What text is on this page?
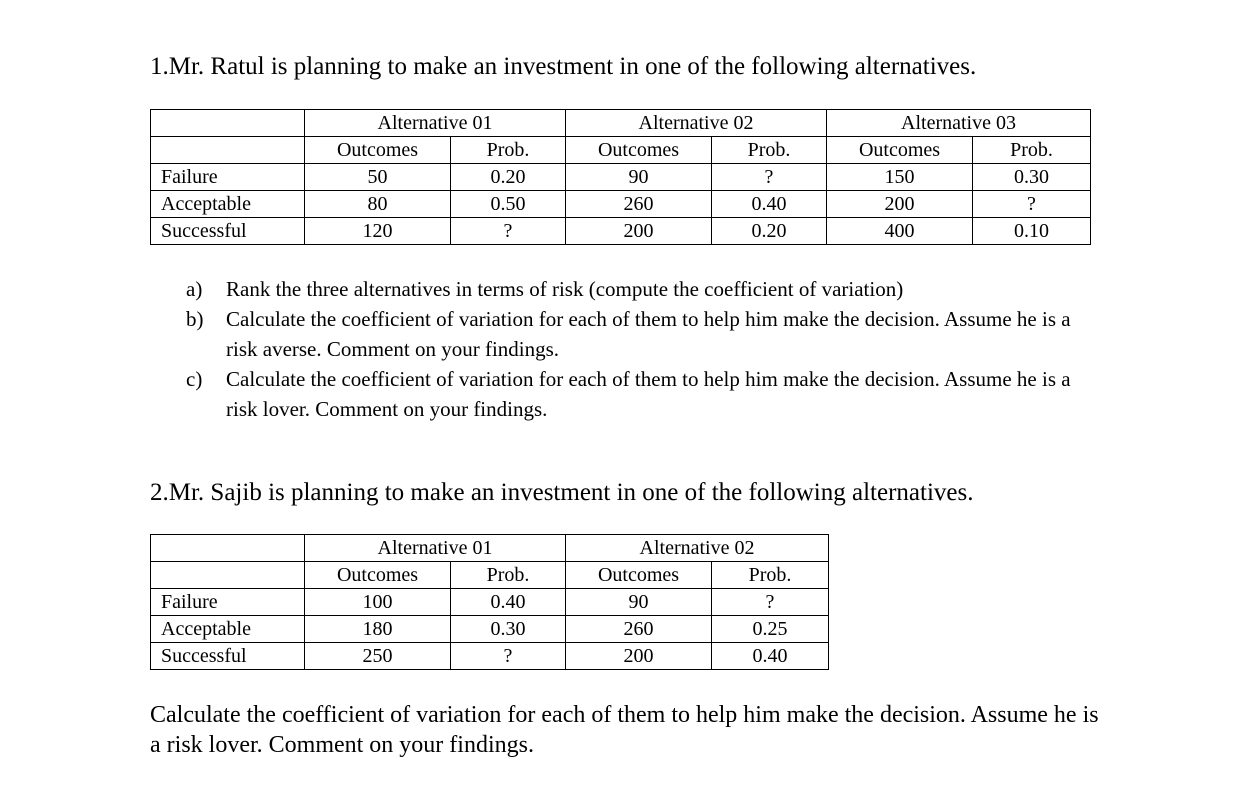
1.Mr. Ratul is planning to make an investment in one of the following alternatives.
	Alternative 01		Alternative 02		Alternative 03	
	Outcomes	Prob.	Outcomes	Prob.	Outcomes	Prob.
Failure	50	0.20	90	?	150	0.30
Acceptable	80	0.50	260	0.40	200	?
Successful	120	?	200	0.20	400	0.10
a)	Rank the three alternatives in terms of risk (compute the coefficient of variation)
b)	Calculate the coefficient of variation for each of them to help him make the decision. Assume he is a risk averse. Comment on your findings.
c)	Calculate the coefficient of variation for each of them to help him make the decision. Assume he is a risk lover. Comment on your findings.
2.Mr. Sajib is planning to make an investment in one of the following alternatives.
	Alternative 01		Alternative 02	
	Outcomes	Prob.	Outcomes	Prob.
Failure	100	0.40	90	?
Acceptable	180	0.30	260	0.25
Successful	250	?	200	0.40
Calculate the coefficient of variation for each of them to help him make the decision. Assume he is a risk lover. Comment on your findings.
